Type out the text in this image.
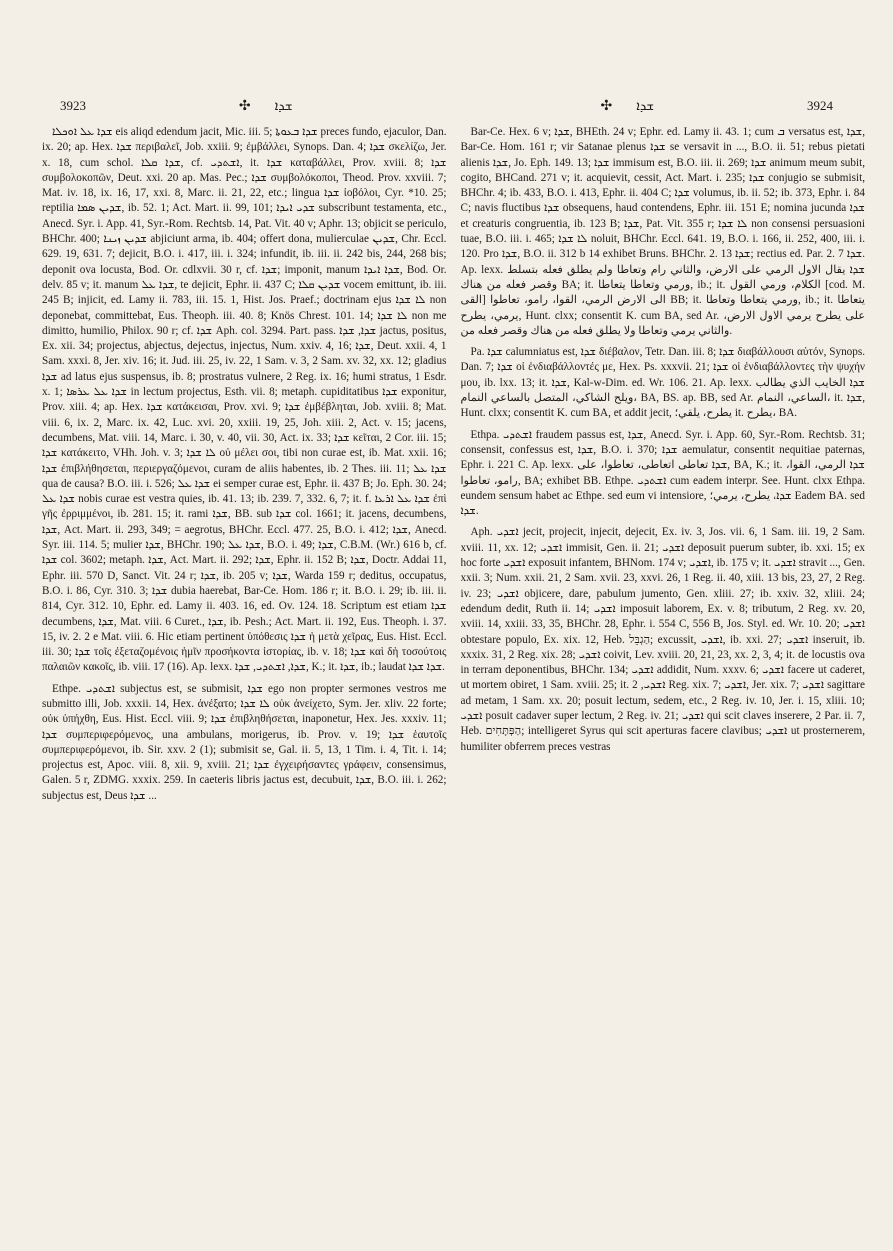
3923	✣ ܫܕܐ	✣ ܫܕܐ	3924

ܫܕܐ ܥܠ ܐܘܟܠܐ eis aliqd edendum jacit, Mic. iii. 5; ܫܕܐ ܒܥܘܬܐ preces fundo, ejaculor, Dan. ix. 20; ap. Hex. ܫܕܐ περιβαλεῖ, Job. xxiii. 9; ἐμβάλλει, Synops. Dan. 4; ܫܕܐ σκελίζω, Jer. x. 18, cum schol. ܫܕܐ ܩܠܐ, cf. ܐܫܬܕܝ, it. ܫܕܐ καταβάλλει, Prov. xviii. 8; ܫܕܐ συμβολοκοπῶν, Deut. xxi. 20 ap. Mas. Pec.; ܫܕܐ συμβολόκοποι, Theod. Prov. xxviii. 7; Mat. iv. 18, ix. 16, 17, xxi. 8, Marc. ii. 21, 22, etc.; lingua ܫܕܐ ἰοβόλοι, Cyr. *10. 25; reptilia ܫܕܝܢ ܣܡܐ, ib. 52. 1; Act. Mart. ii. 99, 101; ܫܕܝ ܐܝܕܐ subscribunt testamenta, etc., Anecd. Syr. i. App. 41, Syr.-Rom. Rechtsb. 14, Pat. Vit. 40 v; Aphr. 13; objicit se periculo, BHChr. 400; ܫܕܝܢ ܙܝܢܐ abjiciunt arma, ib. 404; offert dona, mulierculae ܫܕܝܢ, Chr. Eccl. 629. 19, 631. 7; dejicit, B.O. i. 417, iii. i. 324; infundit, ib. iii. ii. 242 bis, 244, 268 bis; deponit ova locusta, Bod. Or. cdlxvii. 30 r, cf. ܫܕܐ; imponit, manum ܫܕܐ ܐܝܕܐ, Bod. Or. delv. 85 v; it. manum ܫܕܐ ܥܠ, te dejicit, Ephr. ii. 437 C; ܫܕܝܢ ܩܠܐ vocem emittunt, ib. iii. 245 B; injicit, ed. Lamy ii. 783, iii. 15. 1, Hist. Jos. Praef.; doctrinam ejus ܠܐ ܫܕܐ non deponebat, committebat, Eus. Theoph. iii. 40. 8; Knös Chrest. 101. 14; ܠܐ ܫܕܐ non me dimitto, humilio, Philox. 90 r; cf. ܫܕܐ Aph. col. 3294. Part. pass. ܫܕܐ, ܫܕܐ jactus, positus, Ex. xii. 34; projectus, abjectus, dejectus, injectus, Num. xxiv. 4, 16; ܫܕܐ, Deut. xxii. 4, 1 Sam. xxxi. 8, Jer. xiv. 16; it. Jud. iii. 25, iv. 22, 1 Sam. v. 3, 2 Sam. xv. 32, xx. 12; gladius ܫܕܐ ad latus ejus suspensus, ib. 8; prostratus vulnere, 2 Reg. ix. 16; humi stratus, 1 Esdr. x. 1; ܫܕܐ ܥܠ ܥܪܣܐ in lectum projectus, Esth. vii. 8; metaph. cupiditatibus ܫܕܐ exponitur, Prov. xiii. 4; ap. Hex. ܫܕܐ κατάκεισαι, Prov. xvi. 9; ܫܕܐ ἐμβέβληται, Job. xviii. 8; Mat. viii. 6, ix. 2, Marc. ix. 42, Luc. xvi. 20, xxiii. 19, 25, Joh. xiii. 2, Act. v. 15; jacens, decumbens, Mat. viii. 14, Marc. i. 30, v. 40, vii. 30, Act. ix. 33; ܫܕܐ κεῖται, 2 Cor. iii. 15; ܫܕܐ κατάκειτο, VHh. Joh. v. 3; ܠܐ ܫܕܐ οὐ μέλει σοι, tibi non curae est, ib. Mat. xxii. 16; ܫܕܐ ἐπιβλήθησεται, περιεργαζόμενοι, curam de aliis habentes, ib. 2 Thes. iii. 11; ܫܕܐ ܥܠ qua de causa? B.O. iii. i. 526; ܫܕܐ ܥܠ ei semper curae est, Ephr. ii. 437 B; Jo. Eph. 30. 24; ܫܕܐ ܥܠ nobis curae est vestra quies, ib. 41. 13; ib. 239. 7, 332. 6, 7; it. f. ܫܕܐ ܥܠ ܐܪܥܐ ἐπὶ γῆς ἐρριμμένοι, ib. 281. 15; it. rami ܫܕܐ, BB. sub ܫܕܐ col. 1661; it. jacens, decumbens, ܫܕܐ, Act. Mart. ii. 293, 349; = aegrotus, BHChr. Eccl. 477. 25, B.O. i. 412; ܫܕܐ, Anecd. Syr. iii. 114. 5; mulier ܫܕܐ, BHChr. 190; ܫܕܐ ܥܠ, B.O. i. 49; ܫܕܐ, C.B.M. (Wr.) 616 b, cf. ܫܕܐ col. 3602; metaph. ܫܕܐ, Act. Mart. ii. 292; ܫܕܐ, Ephr. ii. 152 B; ܫܕܐ, Doctr. Addai 11, Ephr. iii. 570 D, Sanct. Vit. 24 r; ܫܕܐ, ib. 205 v; ܫܕܐ, Warda 159 r; deditus, occupatus, B.O. i. 86, Cyr. 310. 3; ܫܕܐ dubia haerebat, Bar-Ce. Hom. 186 r; it. B.O. i. 29; ib. iii. ii. 814, Cyr. 312. 10, Ephr. ed. Lamy ii. 403. 16, ed. Ov. 124. 18. Scriptum est etiam ܫܕܐ decumbens, ܫܕܐ, Mat. viii. 6 Curet., ܫܕܐ, ib. Pesh.; Act. Mart. ii. 192, Eus. Theoph. i. 37. 15, iv. 2. 2 e Mat. viii. 6. Hic etiam pertinent ὑπόθεσις ܫܕܐ ἡ μετὰ χεῖρας, Eus. Hist. Eccl. iii. 30; ܫܕܐ τοῖς ἐξεταζομένοις ἡμῖν προσήκοντα ἱστορίας, ib. v. 18; ܫܕܐ καὶ δὴ τοσούτοις παλαιῶν κακοῖς, ib. viii. 17 (16). Ap. lexx. ܫܕܐ, ܐܫܬܕܝ, ܫܕܐ, K.; it. ܫܕܐ, ib.; laudat ܫܕܐ ܫܕܐ.

Ethpe. ܐܫܬܕܝ subjectus est, se submisit, ܫܕܐ ego non propter sermones vestros me submitto illi, Job. xxxii. 14, Hex. ἀνέξατο; ܠܐ ܫܕܐ οὐκ ἀνείχετο, Sym. Jer. xliv. 22 forte; οὐκ ὑπήχθη, Eus. Hist. Eccl. viii. 9; ܫܕܐ ἐπιβληθήσεται, inaponetur, Hex. Jes. xxxiv. 11; ܫܕܐ συμπεριφερόμενος, una ambulans, morigerus, ib. Prov. v. 19; ܫܕܐ ἑαυτοῖς συμπεριφερόμενοι, ib. Sir. xxv. 2 (1); submisit se, Gal. ii. 5, 13, 1 Tim. i. 4, Tit. i. 14; projectus est, Apoc. viii. 8, xii. 9, xviii. 21; ܫܕܐ ἐγχειρήσαντες γράφειν, consensimus, Galen. 5 r, ZDMG. xxxix. 259. In caeteris libris jactus est, decubuit, ܫܕܐ, B.O. iii. i. 262; subjectus est, Deus ܫܕܐ ...

Bar-Ce. Hex. 6 v; ܫܕܐ, BHEth. 24 v; Ephr. ed. Lamy ii. 43. 1; cum ܒ versatus est, ܫܕܐ, Bar-Ce. Hom. 161 r; vir Satanae plenus ܫܕܐ se versavit in ..., B.O. ii. 51; rebus pietati alienis ܫܕܐ, Jo. Eph. 149. 13; ܫܕܐ immisum est, B.O. iii. ii. 269; ܫܕܐ animum meum subit, cogito, BHCand. 271 v; it. acquievit, cessit, Act. Mart. i. 235; ܫܕܐ conjugio se submisit, BHChr. 4; ib. 433, B.O. i. 413, Ephr. ii. 404 C; ܫܕܐ volumus, ib. ii. 52; ib. 373, Ephr. i. 84 C; navis fluctibus ܫܕܐ obsequens, haud contendens, Ephr. iii. 151 E; nomina jucunda ܫܕܐ et creaturis congruentia, ib. 123 B; ܫܕܐ, Pat. Vit. 355 r; ܠܐ ܫܕܐ non consensi persuasioni tuae, B.O. iii. i. 465; ܠܐ ܫܕܐ noluit, BHChr. Eccl. 641. 19, B.O. i. 166, ii. 252, 400, iii. i. 120. Pro ܫܕܐ, B.O. ii. 312 b 14 exhibet Bruns. BHChr. 2. 13 ܫܕܐ; rectius ed. Par. 2. 7 ܫܕܐ. Ap. lexx. ܫܕܐ يقال الاول الرمي على الارض، والثاني رام وتعاطا ولم يطلق فعله بتسلط وقصر فعله من هناك BA; it. ورمي وتعاطا يتعاطا, ib.; it. الكلام، ورمي القول [cod. M. القى] الى الارض الرمي، القوا، رامو، تعاطوا BB; it. ورمي يتعاطا وتعاطا, ib.; it. يتعاطا يرمي، يطرح, Hunt. clxx; consentit K. cum BA, sed Ar. على يطرح يرمي الاول الارض، والثاني يرمي وتعاطا ولا يطلق فعله من هناك وقصر فعله من.

Pa. ܫܕܐ calumniatus est, ܫܕܐ διέβαλον, Tetr. Dan. iii. 8; ܫܕܐ διαβάλλουσι αὐτόν, Synops. Dan. 7; ܫܕܐ οἱ ἐνδιαβάλλοντές με, Hex. Ps. xxxvii. 21; ܫܕܐ οἱ ἐνδιαβάλλοντες τὴν ψυχήν μου, ib. lxx. 13; it. ܫܕܐ, Kal-w-Dim. ed. Wr. 106. 21. Ap. lexx. ܫܕܐ الخايب الذي يطالب ويلح الشاكي، المتصل بالساعي النمام، BA, BS. ap. BB, sed Ar. الساعي، النمام، it. ܫܕܐ, Hunt. clxx; consentit K. cum BA, et addit jecit, يطرح، يلقي؛ it. يطرح، BA.

Ethpa. ܐܫܬܕܝ fraudem passus est, ܫܕܐ, Anecd. Syr. i. App. 60, Syr.-Rom. Rechtsb. 31; consensit, confessus est, ܫܕܐ, B.O. i. 370; ܫܕܐ aemulatur, consentit nequitiae paternas, Ephr. i. 221 C. Ap. lexx. ܫܕܐ تعاطى اتعاطى، تعاطوا، على, BA, K.; it. ܫܕܐ الرمي، القوا، رامو، تعاطوا, BA; exhibet BB. Ethpe. ܐܫܬܕܝ cum eadem interpr. See. Hunt. clxx Ethpa. eundem sensum habet ac Ethpe. sed eum vi intensiore, ܫܕܐ، يطرح، يرمي؛ Eadem BA. sed ܫܕܐ.

Aph. ܐܫܕܝ jecit, projecit, injecit, dejecit, Ex. iv. 3, Jos. vii. 6, 1 Sam. iii. 19, 2 Sam. xviii. 11, xx. 12; ܐܫܕܝ immisit, Gen. ii. 21; ܐܫܕܝ deposuit puerum subter, ib. xxi. 15; ex hoc forte ܐܫܕܝ exposuit infantem, BHNom. 174 v; ܐܫܕܝ, ib. 175 v; it. ܐܫܕܝ stravit ..., Gen. xxii. 3; Num. xxii. 21, 2 Sam. xvii. 23, xxvi. 26, 1 Reg. ii. 40, xiii. 13 bis, 23, 27, 2 Reg. iv. 23; ܐܫܕܝ objicere, dare, pabulum jumento, Gen. xliii. 27; ib. xxiv. 32, xliii. 24; edendum dedit, Ruth ii. 14; ܐܫܕܝ imposuit laborem, Ex. v. 8; tributum, 2 Reg. xv. 20, xviii. 14, xxiii. 33, 35, BHChr. 28, Ephr. i. 554 C, 556 B, Jos. Styl. ed. Wr. 10. 20; ܐܫܕܝ obtestare populo, Ex. xix. 12, Heb. הַגְבֵּל; excussit, ܐܫܕܝ, ib. xxi. 27; ܐܫܕܝ inseruit, ib. xxxix. 31, 2 Reg. xix. 28; ܐܫܕܝ coivit, Lev. xviii. 20, 21, 23, xx. 2, 3, 4; it. de locustis ova in terram deponentibus, BHChr. 134; ܐܫܕܝ addidit, Num. xxxv. 6; ܐܫܕܝ facere ut caderet, ut mortem obiret, 1 Sam. xviii. 25; it. ܐܫܕܝ, 2 Reg. xix. 7; ܐܫܕܝ, Jer. xix. 7; ܐܫܕܝ sagittare ad metam, 1 Sam. xx. 20; posuit lectum, sedem, etc., 2 Reg. iv. 10, Jer. i. 15, xliii. 10; ܐܫܕܝ posuit cadaver super lectum, 2 Reg. iv. 21; ܐܫܕܝ qui scit claves inserere, 2 Par. ii. 7, Heb. הַפְּתָּחִים; intelligeret Syrus qui scit aperturas facere clavibus; ܐܫܕܝ ut prosternerem, humiliter obferrem preces vestras
